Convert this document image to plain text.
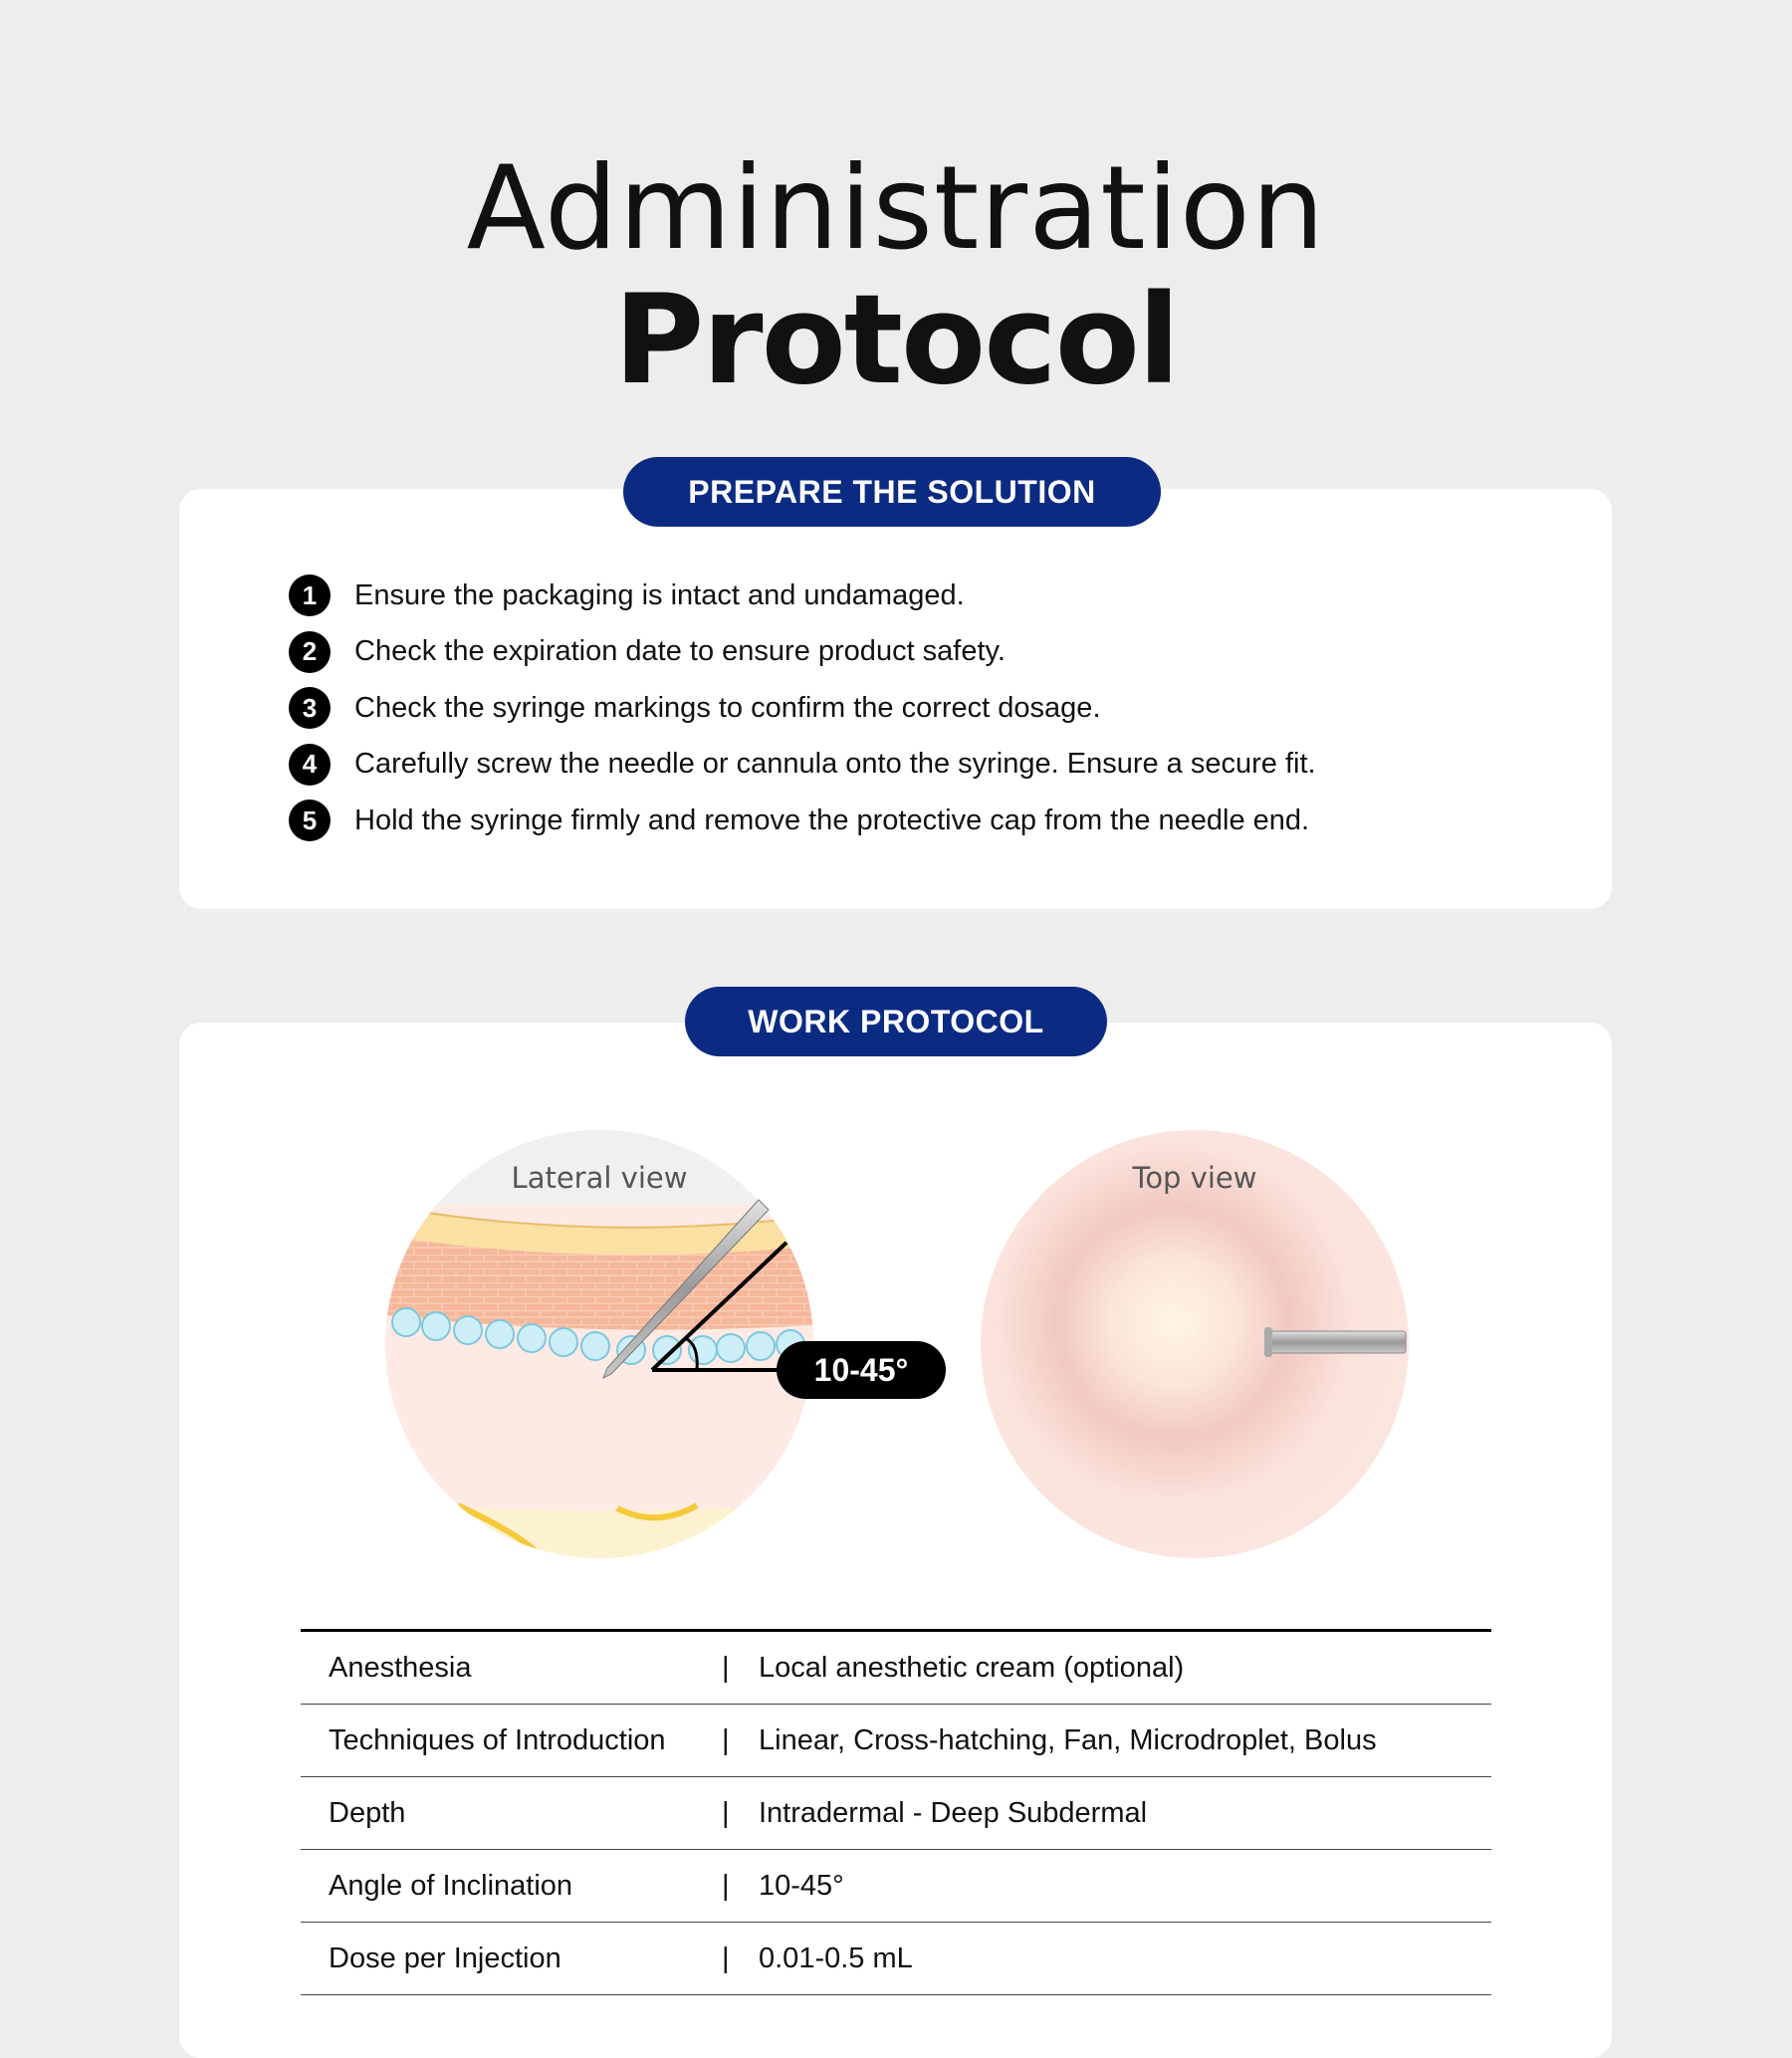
Administration
Protocol
PREPARE THE SOLUTION
1	Ensure the packaging is intact and undamaged.
2	Check the expiration date to ensure product safety.
3	Check the syringe markings to confirm the correct dosage.
4	Carefully screw the needle or cannula onto the syringe. Ensure a secure fit.
5	Hold the syringe firmly and remove the protective cap from the needle end.
WORK PROTOCOL
Lateral view	Top view
10-45°
Anesthesia	|	Local anesthetic cream (optional)
Techniques of Introduction	|	Linear, Cross-hatching, Fan, Microdroplet, Bolus
Depth	|	Intradermal - Deep Subdermal
Angle of Inclination	|	10-45°
Dose per Injection	|	0.01-0.5 mL
